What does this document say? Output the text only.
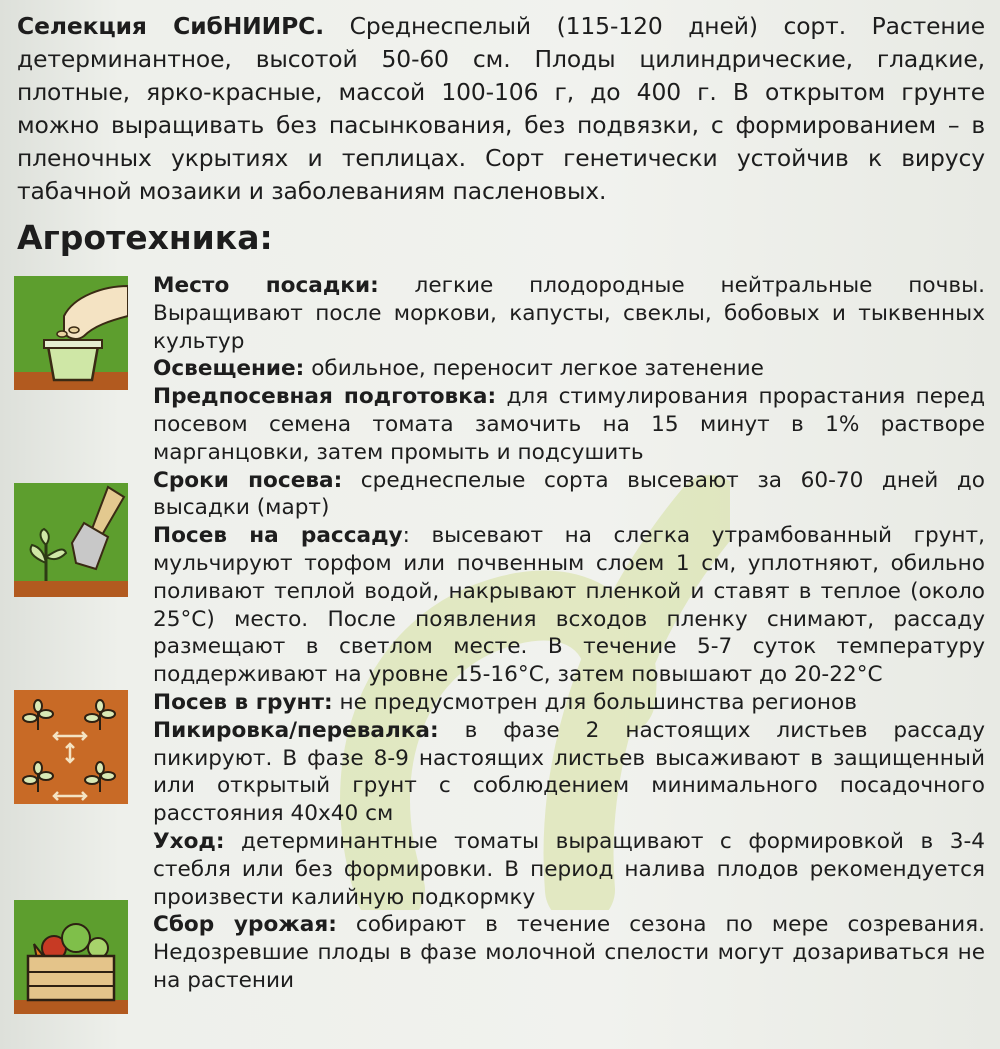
Селекция СибНИИРС. Среднеспелый (115-120 дней) сорт. Растение детерминантное, высотой 50-60 см. Плоды цилиндрические, гладкие, плотные, ярко-красные, массой 100-106 г, до 400 г. В открытом грунте можно выращивать без пасынкования, без подвязки, с формированием – в пленочных укрытиях и теплицах. Сорт генетически устойчив к вирусу табачной мозаики и заболеваниям пасленовых.
Агротехника:

Место посадки: легкие плодородные нейтральные почвы. Выращивают после моркови, капусты, свеклы, бобовых и тыквенных культур

Освещение: обильное, переносит легкое затенение

Предпосевная подготовка: для стимулирования прорастания перед посевом семена томата замочить на 15 минут в 1% растворе марганцовки, затем промыть и подсушить

Сроки посева: среднеспелые сорта высевают за 60-70 дней до высадки (март)

Посев на рассаду: высевают на слегка утрамбованный грунт, мульчируют торфом или почвенным слоем 1 см, уплотняют, обильно поливают теплой водой, накрывают пленкой и ставят в теплое (около 25°С) место. После появления всходов пленку снимают, рассаду размещают в светлом месте. В течение 5-7 суток температуру поддерживают на уровне 15-16°С, затем повышают до 20-22°С

Посев в грунт: не предусмотрен для большинства регионов

Пикировка/перевалка: в фазе 2 настоящих листьев рассаду пикируют. В фазе 8-9 настоящих листьев высаживают в защищенный или открытый грунт с соблюдением минимального посадочного расстояния 40х40 см

Уход: детерминантные томаты выращивают с формировкой в 3-4 стебля или без формировки. В период налива плодов рекомендуется произвести калийную подкормку

Сбор урожая: собирают в течение сезона по мере созревания. Недозревшие плоды в фазе молочной спелости могут дозариваться не на растении
